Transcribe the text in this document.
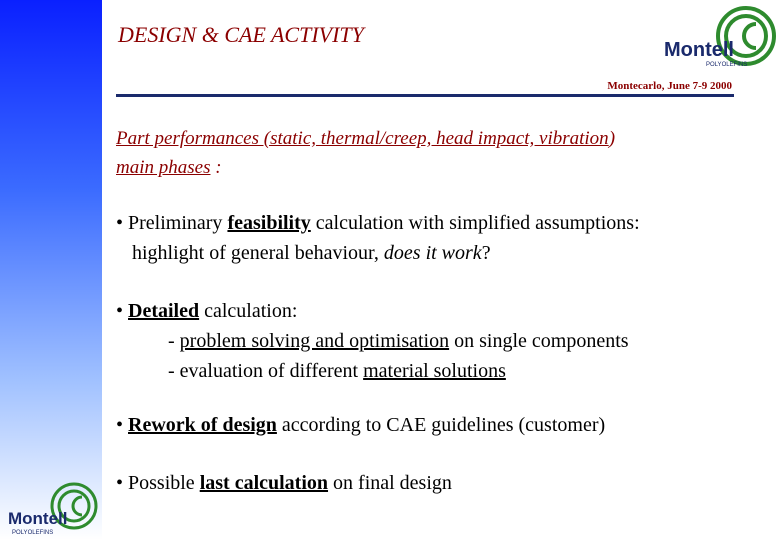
DESIGN & CAE ACTIVITY
Montell
POLYOLEFINS
Montecarlo, June 7-9 2000
Part performances (static, thermal/creep, head impact, vibration)
main phases :
• Preliminary feasibility calculation with simplified assumptions:
highlight of general behaviour, does it work?
• Detailed calculation:
- problem solving and optimisation on single components
- evaluation of different material solutions
• Rework of design according to CAE guidelines (customer)
• Possible last calculation on final design
Montell
POLYOLEFINS
